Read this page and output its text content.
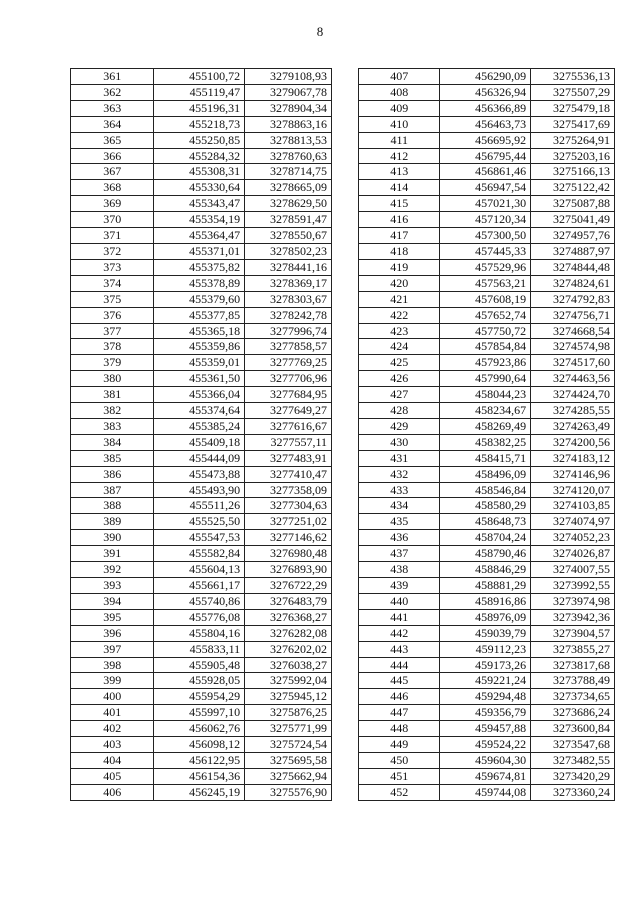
8
361	455100,72	3279108,93
362	455119,47	3279067,78
363	455196,31	3278904,34
364	455218,73	3278863,16
365	455250,85	3278813,53
366	455284,32	3278760,63
367	455308,31	3278714,75
368	455330,64	3278665,09
369	455343,47	3278629,50
370	455354,19	3278591,47
371	455364,47	3278550,67
372	455371,01	3278502,23
373	455375,82	3278441,16
374	455378,89	3278369,17
375	455379,60	3278303,67
376	455377,85	3278242,78
377	455365,18	3277996,74
378	455359,86	3277858,57
379	455359,01	3277769,25
380	455361,50	3277706,96
381	455366,04	3277684,95
382	455374,64	3277649,27
383	455385,24	3277616,67
384	455409,18	3277557,11
385	455444,09	3277483,91
386	455473,88	3277410,47
387	455493,90	3277358,09
388	455511,26	3277304,63
389	455525,50	3277251,02
390	455547,53	3277146,62
391	455582,84	3276980,48
392	455604,13	3276893,90
393	455661,17	3276722,29
394	455740,86	3276483,79
395	455776,08	3276368,27
396	455804,16	3276282,08
397	455833,11	3276202,02
398	455905,48	3276038,27
399	455928,05	3275992,04
400	455954,29	3275945,12
401	455997,10	3275876,25
402	456062,76	3275771,99
403	456098,12	3275724,54
404	456122,95	3275695,58
405	456154,36	3275662,94
406	456245,19	3275576,90
407	456290,09	3275536,13
408	456326,94	3275507,29
409	456366,89	3275479,18
410	456463,73	3275417,69
411	456695,92	3275264,91
412	456795,44	3275203,16
413	456861,46	3275166,13
414	456947,54	3275122,42
415	457021,30	3275087,88
416	457120,34	3275041,49
417	457300,50	3274957,76
418	457445,33	3274887,97
419	457529,96	3274844,48
420	457563,21	3274824,61
421	457608,19	3274792,83
422	457652,74	3274756,71
423	457750,72	3274668,54
424	457854,84	3274574,98
425	457923,86	3274517,60
426	457990,64	3274463,56
427	458044,23	3274424,70
428	458234,67	3274285,55
429	458269,49	3274263,49
430	458382,25	3274200,56
431	458415,71	3274183,12
432	458496,09	3274146,96
433	458546,84	3274120,07
434	458580,29	3274103,85
435	458648,73	3274074,97
436	458704,24	3274052,23
437	458790,46	3274026,87
438	458846,29	3274007,55
439	458881,29	3273992,55
440	458916,86	3273974,98
441	458976,09	3273942,36
442	459039,79	3273904,57
443	459112,23	3273855,27
444	459173,26	3273817,68
445	459221,24	3273788,49
446	459294,48	3273734,65
447	459356,79	3273686,24
448	459457,88	3273600,84
449	459524,22	3273547,68
450	459604,30	3273482,55
451	459674,81	3273420,29
452	459744,08	3273360,24
